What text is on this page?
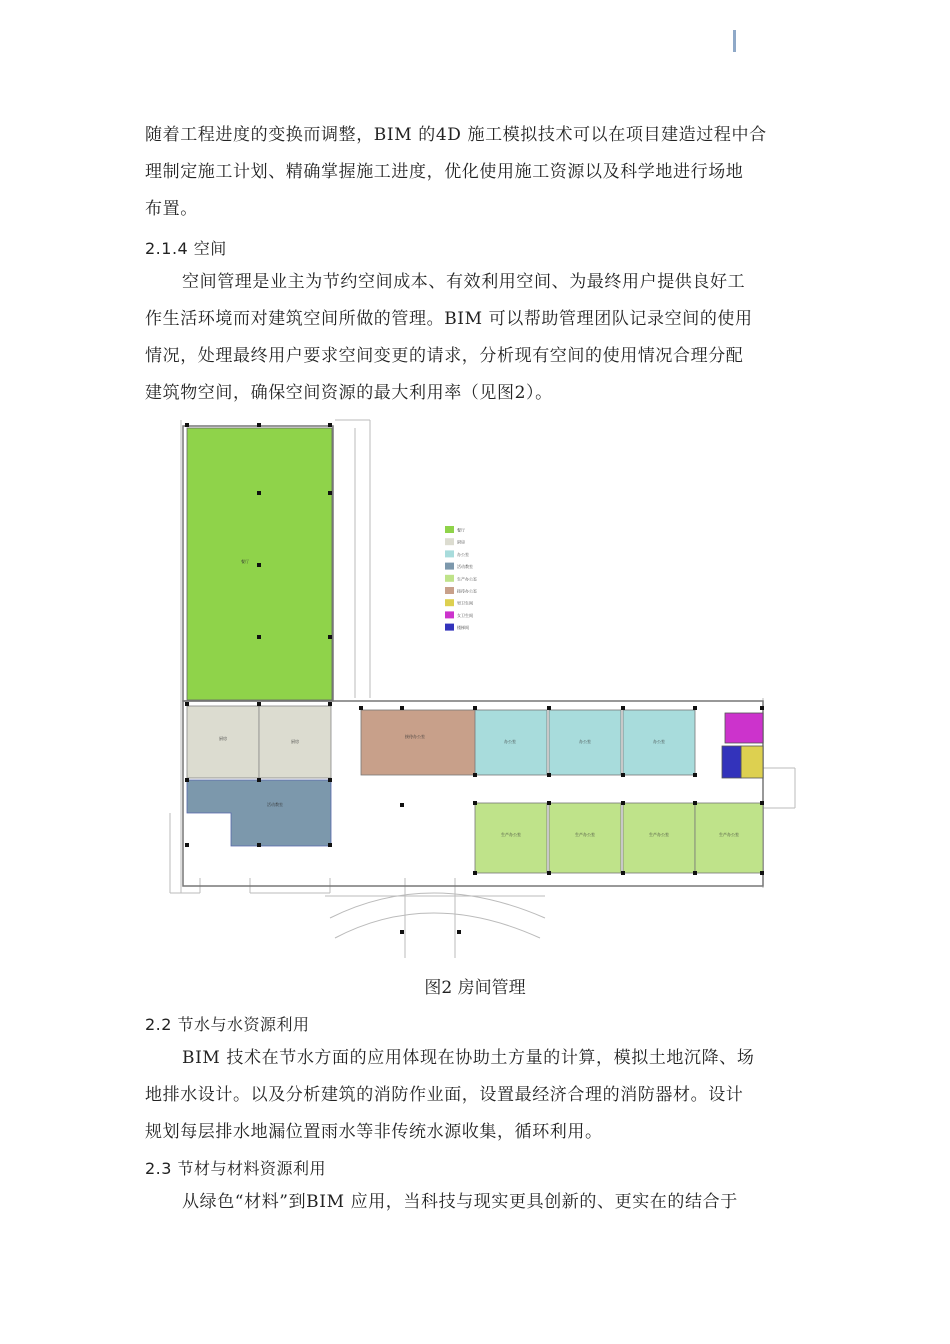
随着工程进度的变换而调整，BIM 的4D 施工模拟技术可以在项目建造过程中合
理制定施工计划、精确掌握施工进度，优化使用施工资源以及科学地进行场地
布置。
2.1.4 空间
空间管理是业主为节约空间成本、有效利用空间、为最终用户提供良好工
作生活环境而对建筑空间所做的管理。BIM 可以帮助管理团队记录空间的使用
情况，处理最终用户要求空间变更的请求，分析现有空间的使用情况合理分配
建筑物空间，确保空间资源的最大利用率（见图2）。
餐厅
厨房
厨房
活动教室
接待办公室
办公室	办公室	办公室
生产办公室	生产办公室	生产办公室	生产办公室
餐厅
厨房
办公室
活动教室
生产办公室
接待办公室
男卫生间
女卫生间
楼梯间
图2 房间管理
2.2 节水与水资源利用
BIM 技术在节水方面的应用体现在协助土方量的计算，模拟土地沉降、场
地排水设计。以及分析建筑的消防作业面，设置最经济合理的消防器材。设计
规划每层排水地漏位置雨水等非传统水源收集，循环利用。
2.3 节材与材料资源利用
从绿色“材料”到BIM 应用，当科技与现实更具创新的、更实在的结合于
